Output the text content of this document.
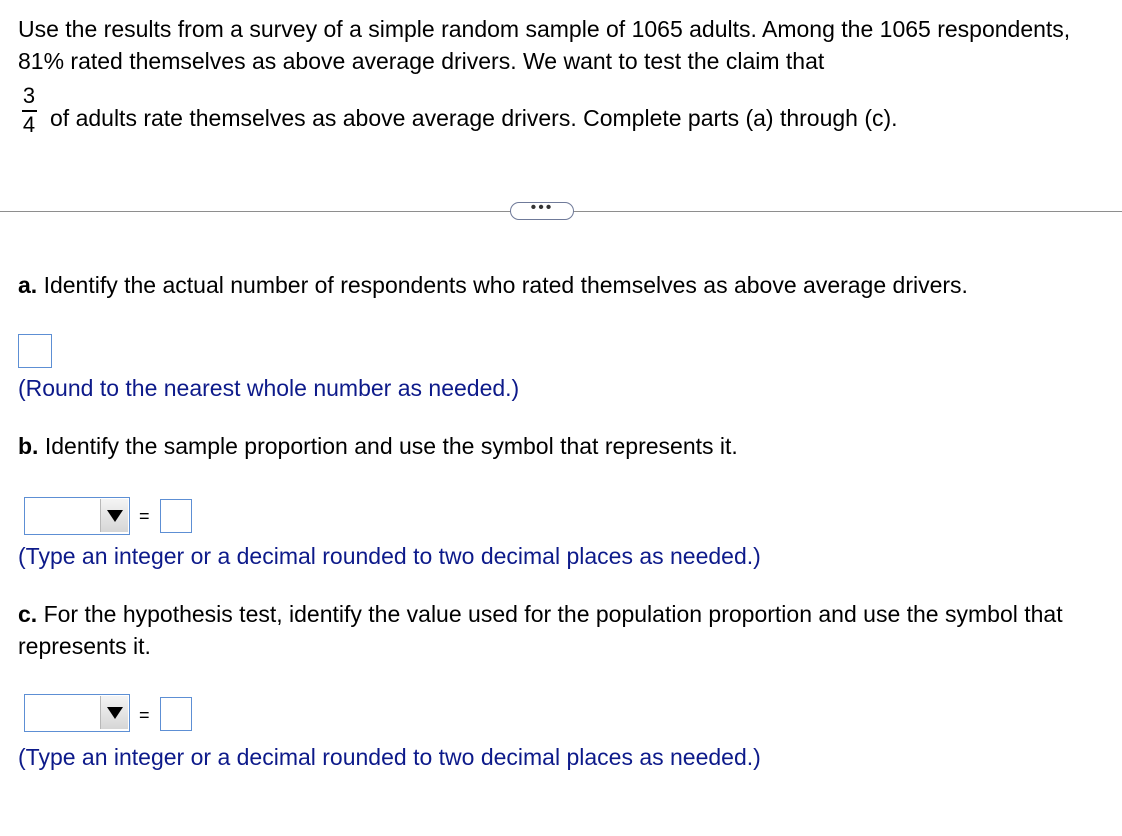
Use the results from a survey of a simple random sample of 1065 adults. Among the 1065 respondents, 81% rated themselves as above average drivers. We want to test the claim that
3
4 of adults rate themselves as above average drivers. Complete parts (a) through (c).
•••
a. Identify the actual number of respondents who rated themselves as above average drivers.
(Round to the nearest whole number as needed.)
b. Identify the sample proportion and use the symbol that represents it.
=
(Type an integer or a decimal rounded to two decimal places as needed.)
c. For the hypothesis test, identify the value used for the population proportion and use the symbol that represents it.
=
(Type an integer or a decimal rounded to two decimal places as needed.)
